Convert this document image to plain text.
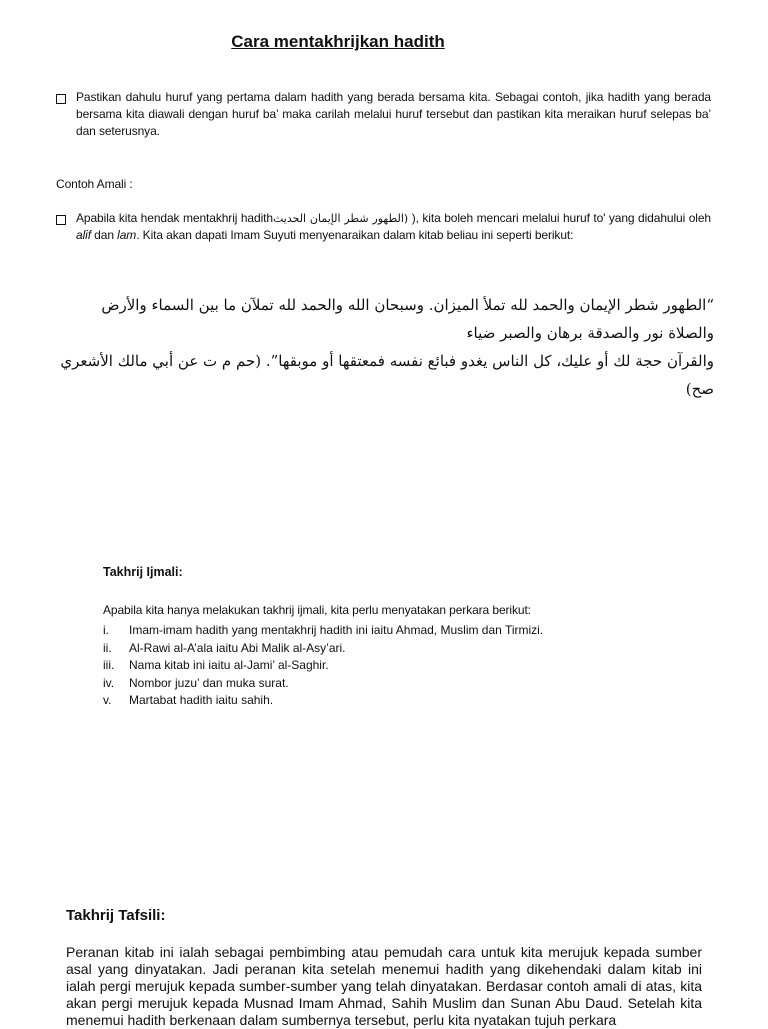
Cara mentakhrijkan hadith
Pastikan dahulu huruf yang pertama dalam hadith yang berada bersama kita. Sebagai contoh, jika hadith yang berada bersama kita diawali dengan huruf ba’ maka carilah melalui huruf tersebut dan pastikan kita meraikan huruf selepas ba’ dan seterusnya.
Contoh Amali :
Apabila kita hendak mentakhrij hadith(الطهور شطر الإيمان الحديث ), kita boleh mencari melalui huruf to' yang didahului oleh alif dan lam. Kita akan dapati Imam Suyuti menyenaraikan dalam kitab beliau ini seperti berikut:
“الطهور شطر الإيمان والحمد لله تملأ الميزان. وسبحان الله والحمد لله تملآن ما بين السماء والأرض والصلاة نور والصدقة برهان والصبر ضياء
والقرآن حجة لك أو عليك، كل الناس يغدو فبائع نفسه فمعتقها أو موبقها”. (حم م ت عن أبي مالك الأشعري صح)
Takhrij Ijmali:
Apabila kita hanya melakukan takhrij ijmali, kita perlu menyatakan perkara berikut:
i.	Imam-imam hadith yang mentakhrij hadith ini iaitu Ahmad, Muslim dan Tirmizi.
ii.	Al-Rawi al-A’ala iaitu Abi Malik al-Asy’ari.
iii.	Nama kitab ini iaitu al-Jami’ al-Saghir.
iv.	Nombor juzu’ dan muka surat.
v.	Martabat hadith iaitu sahih.
Takhrij Tafsili:
Peranan kitab ini ialah sebagai pembimbing atau pemudah cara untuk kita merujuk kepada sumber asal yang dinyatakan. Jadi peranan kita setelah menemui hadith yang dikehendaki dalam kitab ini ialah pergi merujuk kepada sumber-sumber yang telah dinyatakan. Berdasar contoh amali di atas, kita akan pergi merujuk kepada Musnad Imam Ahmad, Sahih Muslim dan Sunan Abu Daud. Setelah kita menemui hadith berkenaan dalam sumbernya tersebut, perlu kita nyatakan tujuh perkara
